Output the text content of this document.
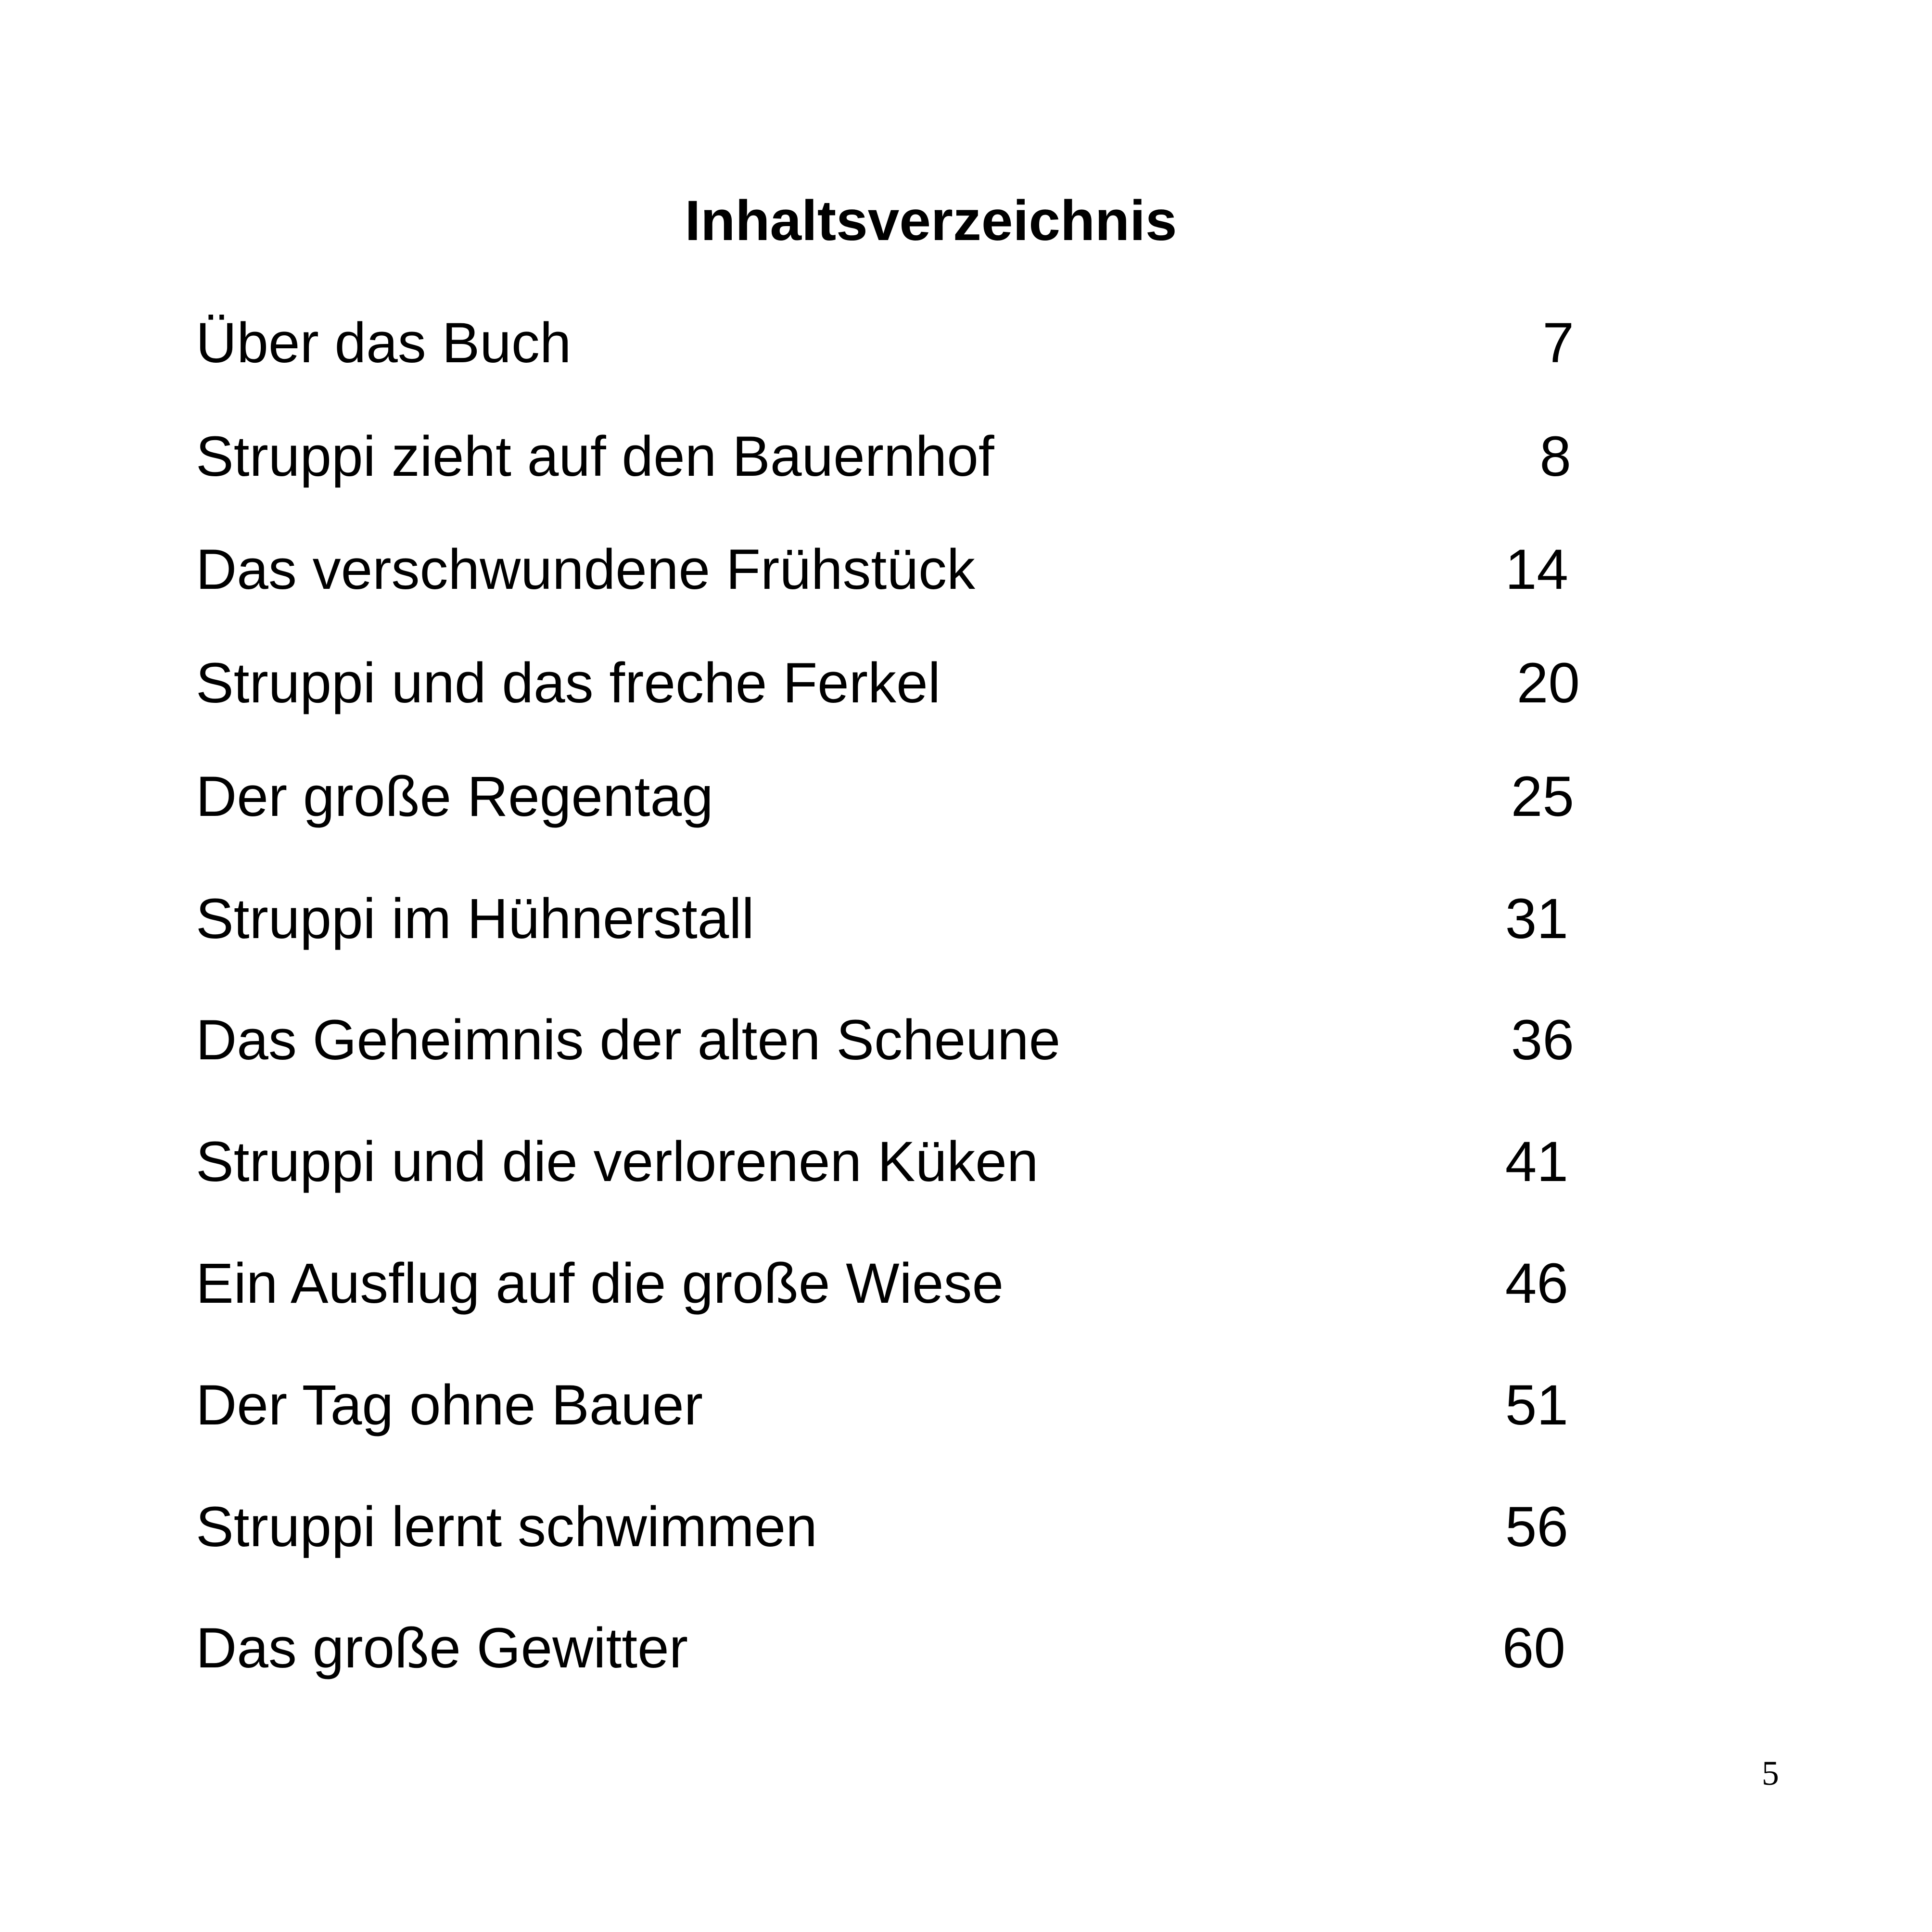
Inhaltsverzeichnis
Über das Buch	7
Struppi zieht auf den Bauernhof	8
Das verschwundene Frühstück	14
Struppi und das freche Ferkel	20
Der große Regentag	25
Struppi im Hühnerstall	31
Das Geheimnis der alten Scheune	36
Struppi und die verlorenen Küken	41
Ein Ausflug auf die große Wiese	46
Der Tag ohne Bauer	51
Struppi lernt schwimmen	56
Das große Gewitter	60
5
